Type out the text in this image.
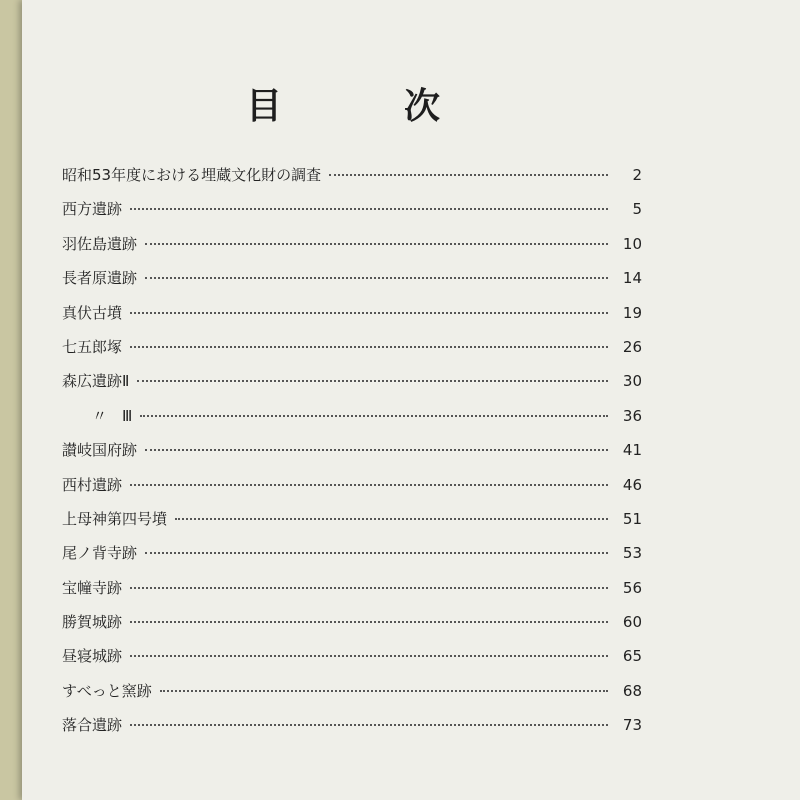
目	次
昭和53年度における埋蔵文化財の調査	2
西方遺跡	5
羽佐島遺跡	10
長者原遺跡	14
真伏古墳	19
七五郎塚	26
森広遺跡Ⅱ	30
〃　Ⅲ	36
讃岐国府跡	41
西村遺跡	46
上母神第四号墳	51
尾ノ背寺跡	53
宝幢寺跡	56
勝賀城跡	60
昼寝城跡	65
すべっと窯跡	68
落合遺跡	73
